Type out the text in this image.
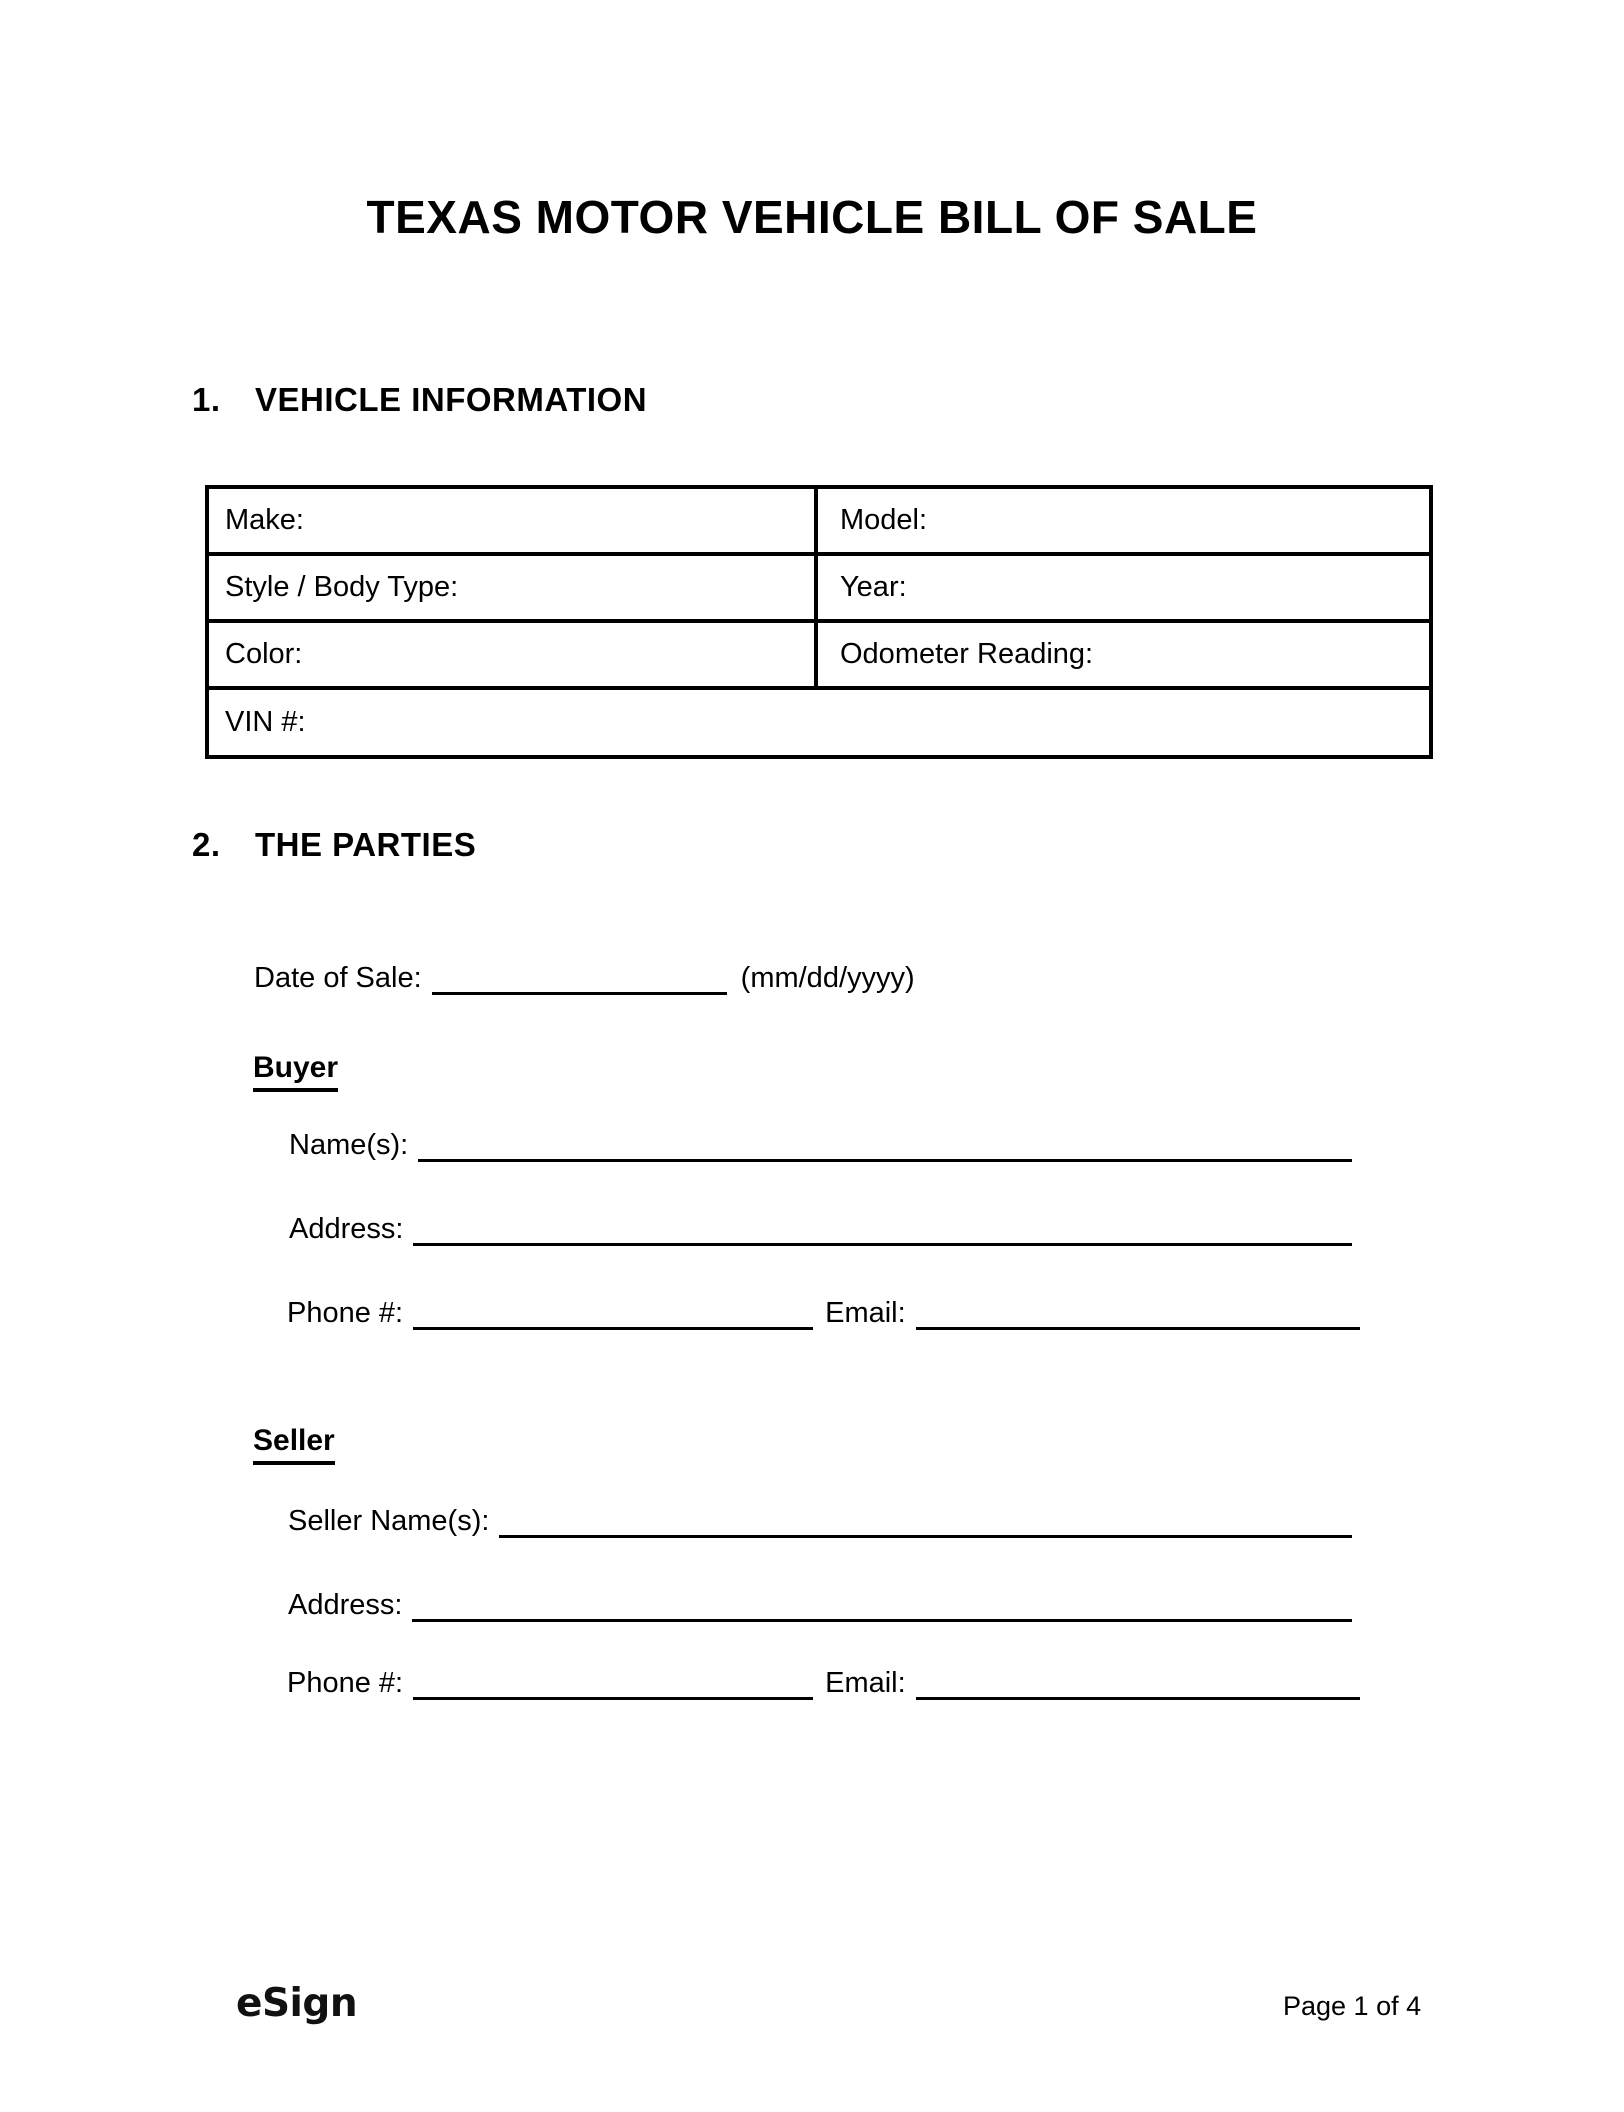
TEXAS MOTOR VEHICLE BILL OF SALE
1. VEHICLE INFORMATION
Make:	Model:
Style / Body Type:	Year:
Color:	Odometer Reading:
VIN #:
2. THE PARTIES
Date of Sale:	(mm/dd/yyyy)
Buyer
Name(s):
Address:
Phone #:	Email:
Seller
Seller Name(s):
Address:
Phone #:	Email:
eSign	Page 1 of 4
